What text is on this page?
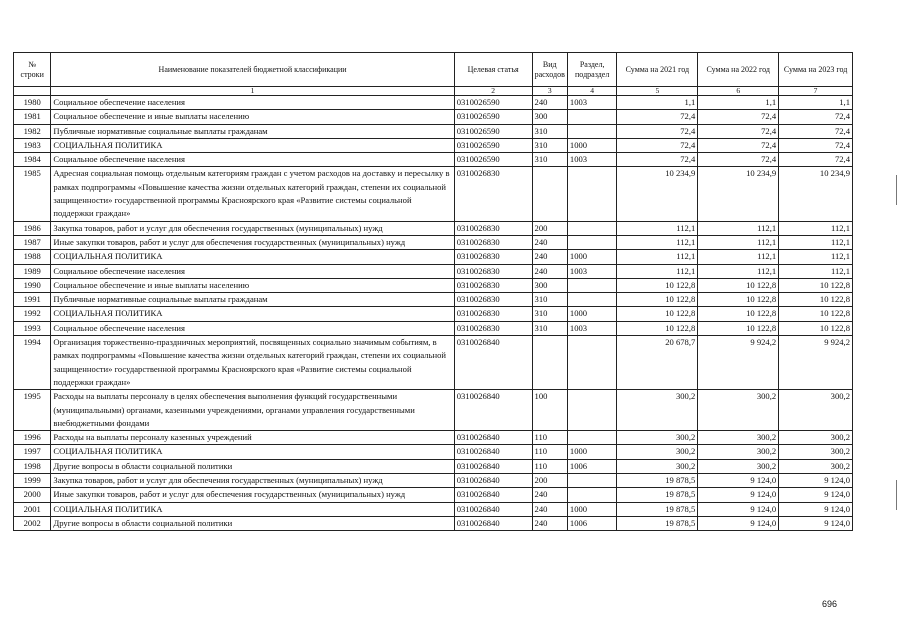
№ строки	Наименование показателей бюджетной классификации	Целевая статья	Вид расходов	Раздел, подраздел	Сумма на 2021 год	Сумма на 2022 год	Сумма на 2023 год
	1	2	3	4	5	6	7
1980	Социальное обеспечение населения	0310026590	240	1003	1,1	1,1	1,1
1981	Социальное обеспечение и иные выплаты населению	0310026590	300		72,4	72,4	72,4
1982	Публичные нормативные социальные выплаты гражданам	0310026590	310		72,4	72,4	72,4
1983	СОЦИАЛЬНАЯ ПОЛИТИКА	0310026590	310	1000	72,4	72,4	72,4
1984	Социальное обеспечение населения	0310026590	310	1003	72,4	72,4	72,4
1985	Адресная социальная помощь отдельным категориям граждан с учетом расходов на доставку и пересылку в рамках подпрограммы «Повышение качества жизни отдельных категорий граждан, степени их социальной защищенности» государственной программы Красноярского края «Развитие системы социальной поддержки граждан»	0310026830			10 234,9	10 234,9	10 234,9
1986	Закупка товаров, работ и услуг для обеспечения государственных (муниципальных) нужд	0310026830	200		112,1	112,1	112,1
1987	Иные закупки товаров, работ и услуг для обеспечения государственных (муниципальных) нужд	0310026830	240		112,1	112,1	112,1
1988	СОЦИАЛЬНАЯ ПОЛИТИКА	0310026830	240	1000	112,1	112,1	112,1
1989	Социальное обеспечение населения	0310026830	240	1003	112,1	112,1	112,1
1990	Социальное обеспечение и иные выплаты населению	0310026830	300		10 122,8	10 122,8	10 122,8
1991	Публичные нормативные социальные выплаты гражданам	0310026830	310		10 122,8	10 122,8	10 122,8
1992	СОЦИАЛЬНАЯ ПОЛИТИКА	0310026830	310	1000	10 122,8	10 122,8	10 122,8
1993	Социальное обеспечение населения	0310026830	310	1003	10 122,8	10 122,8	10 122,8
1994	Организация торжественно-праздничных мероприятий, посвященных социально значимым событиям, в рамках подпрограммы «Повышение качества жизни отдельных категорий граждан, степени их социальной защищенности» государственной программы Красноярского края «Развитие системы социальной поддержки граждан»	0310026840			20 678,7	9 924,2	9 924,2
1995	Расходы на выплаты персоналу в целях обеспечения выполнения функций государственными (муниципальными) органами, казенными учреждениями, органами управления государственными внебюджетными фондами	0310026840	100		300,2	300,2	300,2
1996	Расходы на выплаты персоналу казенных учреждений	0310026840	110		300,2	300,2	300,2
1997	СОЦИАЛЬНАЯ ПОЛИТИКА	0310026840	110	1000	300,2	300,2	300,2
1998	Другие вопросы в области социальной политики	0310026840	110	1006	300,2	300,2	300,2
1999	Закупка товаров, работ и услуг для обеспечения государственных (муниципальных) нужд	0310026840	200		19 878,5	9 124,0	9 124,0
2000	Иные закупки товаров, работ и услуг для обеспечения государственных (муниципальных) нужд	0310026840	240		19 878,5	9 124,0	9 124,0
2001	СОЦИАЛЬНАЯ ПОЛИТИКА	0310026840	240	1000	19 878,5	9 124,0	9 124,0
2002	Другие вопросы в области социальной политики	0310026840	240	1006	19 878,5	9 124,0	9 124,0
696
